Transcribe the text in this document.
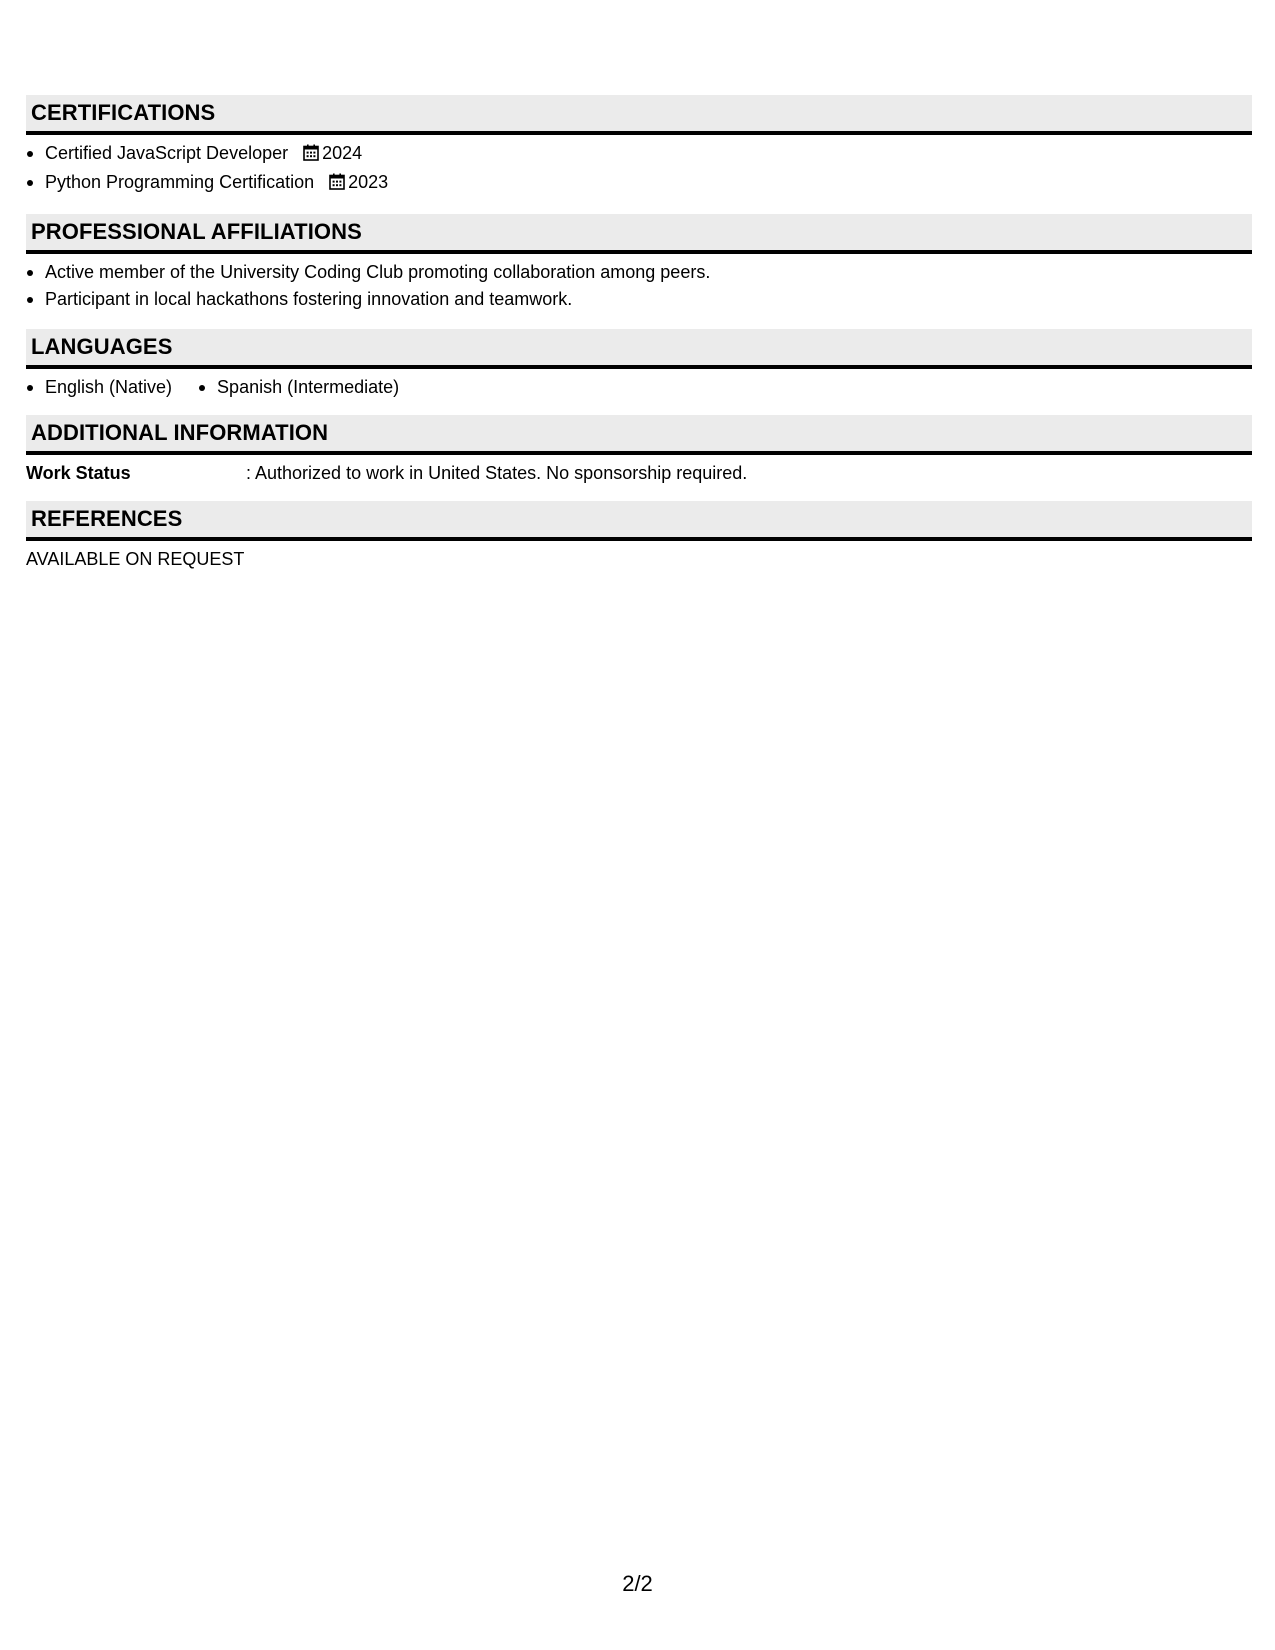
CERTIFICATIONS
Certified JavaScript Developer 2024
Python Programming Certification 2023
PROFESSIONAL AFFILIATIONS
Active member of the University Coding Club promoting collaboration among peers.
Participant in local hackathons fostering innovation and teamwork.
LANGUAGES
English (Native)	Spanish (Intermediate)
ADDITIONAL INFORMATION
Work Status	: Authorized to work in United States. No sponsorship required.
REFERENCES
AVAILABLE ON REQUEST
2/2
